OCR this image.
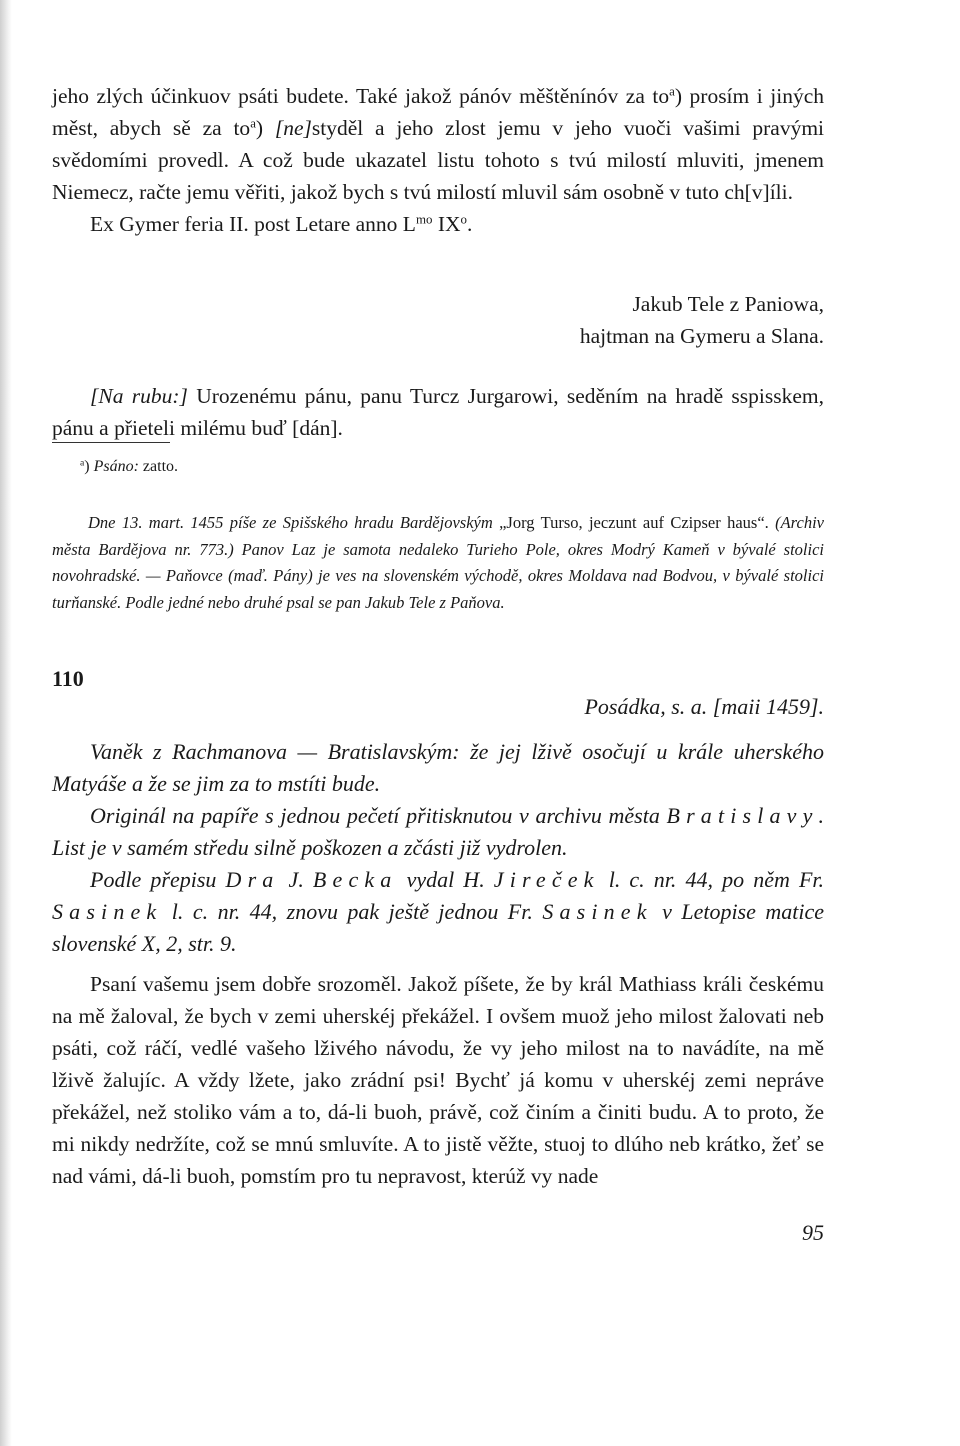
jeho zlých účinkuov psáti budete. Také jakož pánóv měštěnínóv za $to^a$) prosím i jiných měst, abych sě za $to^a$) [ne]styděl a jeho zlost jemu v jeho vuoči vašimi pravými svědomími provedl. A což bude ukazatel listu tohoto s tvú milostí mluviti, jmenem Niemecz, račte jemu věřiti, jakož bych s tvú milostí mluvil sám osobně v tuto ch[v]íli.

Ex Gymer feria II. post Letare anno $L^{mo}$ $IX^o$.

Jakub Tele z Paniowa,
hajtman na Gymeru a Slana.

[Na rubu:] Urozenému pánu, panu Turcz Jurgarowi, seděním na hradě sspisskem, pánu a přieteli milému buď [dán].

$^a$) Psáno: zatto.

Dne 13. mart. 1455 píše ze Spišského hradu Bardějovským „Jorg Turso, jeczunt auf Czipser haus“. (Archiv města Bardějova nr. 773.) Panov Laz je samota nedaleko Turieho Pole, okres Modrý Kameň v bývalé stolici novohradské. — Paňovce (maď. Pány) je ves na slovenském východě, okres Moldava nad Bodvou, v bývalé stolici turňanské. Podle jedné nebo druhé psal se pan Jakub Tele z Paňova.

110
Posádka, s. a. [maii 1459].

Vaněk z Rachmanova — Bratislavským: že jej lživě osočují u krále uherského Matyáše a že se jim za to mstíti bude.

Originál na papíře s jednou pečetí přitisknutou v archivu města Bratislavy. List je v samém středu silně poškozen a zčásti již vydrolen.

Podle přepisu Dra J. Becka vydal H. Jireček l. c. nr. 44, po něm Fr. Sasinek l. c. nr. 44, znovu pak ještě jednou Fr. Sasinek v Letopise matice slovenské X, 2, str. 9.

Psaní vašemu jsem dobře srozoměl. Jakož píšete, že by král Mathiass králi českému na mě žaloval, že bych v zemi uherskéj překážel. I ovšem muož jeho milost žalovati neb psáti, což ráčí, vedlé vašeho lživého návodu, že vy jeho milost na to navádíte, na mě lživě žalujíc. A vždy lžete, jako zrádní psi! Bychť já komu v uherskéj zemi nepráve překážel, než stoliko vám a to, dá-li buoh, právě, což činím a činiti budu. A to proto, že mi nikdy nedržíte, což se mnú smluvíte. A to jistě věžte, stuoj to dlúho neb krátko, žeť se nad vámi, dá-li buoh, pomstím pro tu nepravost, kterúž vy nade

95
